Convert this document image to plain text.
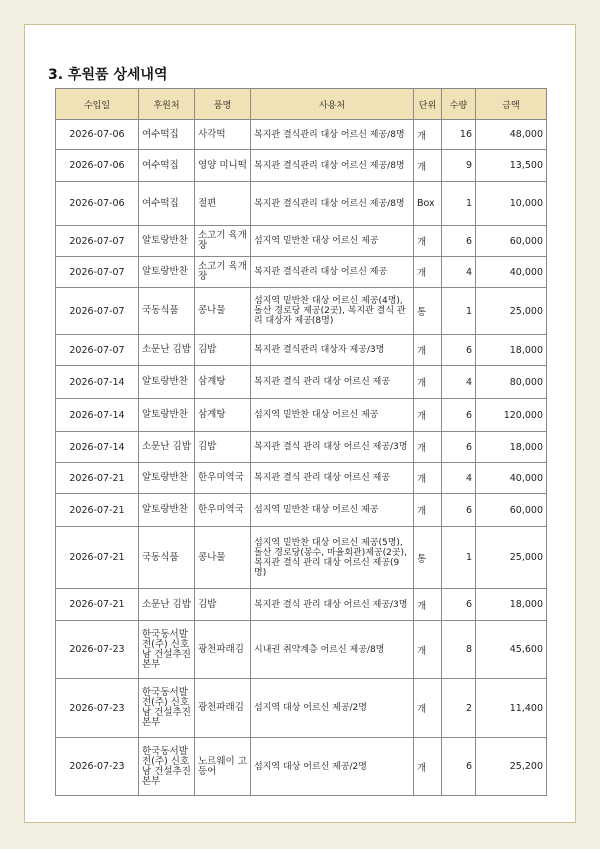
3. 후원품 상세내역
수입일	후원처	품명	사용처	단위	수량	금액
2026-07-06	여수떡집	사각떡	복지관 결식관리 대상 어르신 제공/8명	개	16	48,000
2026-07-06	여수떡집	영양 미니떡	복지관 결식관리 대상 어르신 제공/8명	개	9	13,500
2026-07-06	여수떡집	절편	복지관 결식관리 대상 어르신 제공/8명	Box	1	10,000
2026-07-07	알토랑반찬	소고기 육개장	섬지역 밑반찬 대상 어르신 제공	개	6	60,000
2026-07-07	알토랑반찬	소고기 육개장	복지관 결식관리 대상 어르신 제공	개	4	40,000
2026-07-07	국동식품	콩나물	섬지역 밑반찬 대상 어르신 제공(4명), 돌산 경로당 제공(2곳), 복지관 결식 관리 대상자 제공(8명)	통	1	25,000
2026-07-07	소문난 김밥	김밥	복지관 결식관리 대상자 제공/3명	개	6	18,000
2026-07-14	알토랑반찬	삼계탕	복지관 결식 관리 대상 어르신 제공	개	4	80,000
2026-07-14	알토랑반찬	삼계탕	섬지역 밑반찬 대상 어르신 제공	개	6	120,000
2026-07-14	소문난 김밥	김밥	복지관 결식 관리 대상 어르신 제공/3명	개	6	18,000
2026-07-21	알토랑반찬	한우미역국	복지관 결식 관리 대상 어르신 제공	개	4	40,000
2026-07-21	알토랑반찬	한우미역국	섬지역 밑반찬 대상 어르신 제공	개	6	60,000
2026-07-21	국동식품	콩나물	섬지역 밑반찬 대상 어르신 제공(5명), 돌산 경로당(봉수, 마율회관)제공(2곳), 복지관 결식 관리 대상 어르신 제공(9명)	통	1	25,000
2026-07-21	소문난 김밥	김밥	복지관 결식 관리 대상 어르신 제공/3명	개	6	18,000
2026-07-23	한국동서발전(주) 신호남 건설추진 본부	광천파래김	시내권 취약계층 어르신 제공/8명	개	8	45,600
2026-07-23	한국동서발전(주) 신호남 건설추진 본부	광천파래김	섬지역 대상 어르신 제공/2명	개	2	11,400
2026-07-23	한국동서발전(주) 신호남 건설추진 본부	노르웨이 고등어	섬지역 대상 어르신 제공/2명	개	6	25,200
